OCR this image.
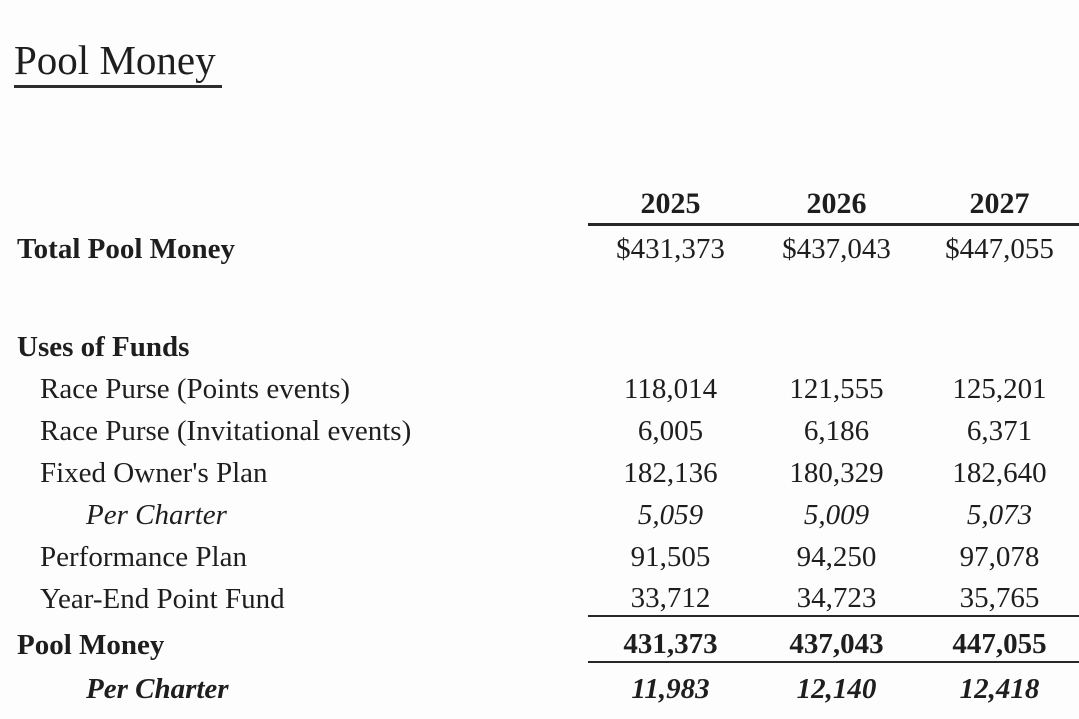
Pool Money
	2025	2026	2027
Total Pool Money	$431,373	$437,043	$447,055

Uses of Funds			
Race Purse (Points events)	118,014	121,555	125,201
Race Purse (Invitational events)	6,005	6,186	6,371
Fixed Owner's Plan	182,136	180,329	182,640
Per Charter	5,059	5,009	5,073
Performance Plan	91,505	94,250	97,078
Year-End Point Fund	33,712	34,723	35,765
Pool Money	431,373	437,043	447,055
Per Charter	11,983	12,140	12,418
